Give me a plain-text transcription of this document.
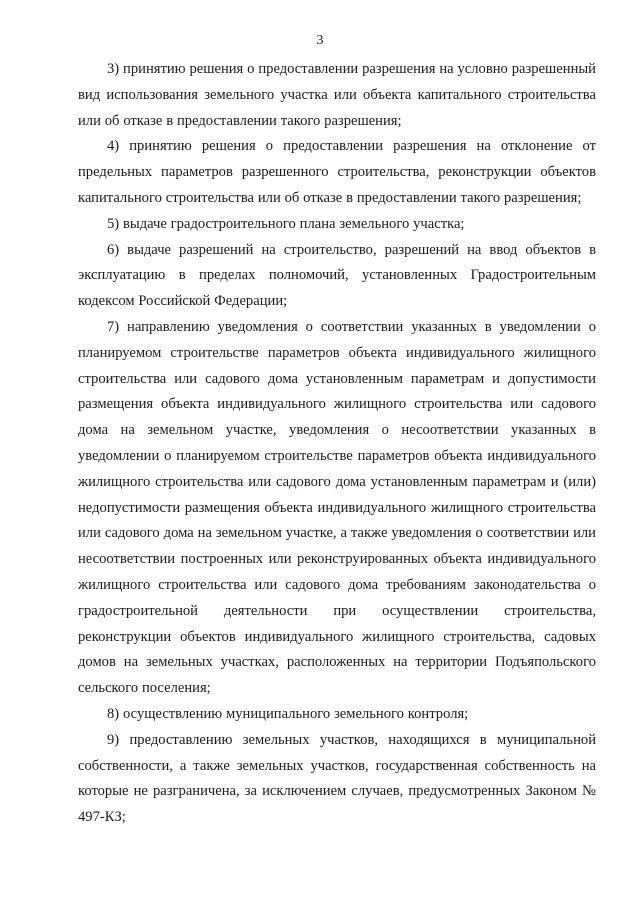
3

3) принятию решения о предоставлении разрешения на условно разрешенный вид использования земельного участка или объекта капитального строительства или об отказе в предоставлении такого разрешения;

4) принятию решения о предоставлении разрешения на отклонение от предельных параметров разрешенного строительства, реконструкции объектов капитального строительства или об отказе в предоставлении такого разрешения;

5) выдаче градостроительного плана земельного участка;

6) выдаче разрешений на строительство, разрешений на ввод объектов в эксплуатацию в пределах полномочий, установленных Градостроительным кодексом Российской Федерации;

7) направлению уведомления о соответствии указанных в уведомлении о планируемом строительстве параметров объекта индивидуального жилищного строительства или садового дома установленным параметрам и допустимости размещения объекта индивидуального жилищного строительства или садового дома на земельном участке, уведомления о несоответствии указанных в уведомлении о планируемом строительстве параметров объекта индивидуального жилищного строительства или садового дома установленным параметрам и (или) недопустимости размещения объекта индивидуального жилищного строительства или садового дома на земельном участке, а также уведомления о соответствии или несоответствии построенных или реконструированных объекта индивидуального жилищного строительства или садового дома требованиям законодательства о градостроительной деятельности при осуществлении строительства, реконструкции объектов индивидуального жилищного строительства, садовых домов на земельных участках, расположенных на территории Подъяпольского сельского поселения;

8) осуществлению муниципального земельного контроля;

9) предоставлению земельных участков, находящихся в муниципальной собственности, а также земельных участков, государственная собственность на которые не разграничена, за исключением случаев, предусмотренных Законом № 497-КЗ;
